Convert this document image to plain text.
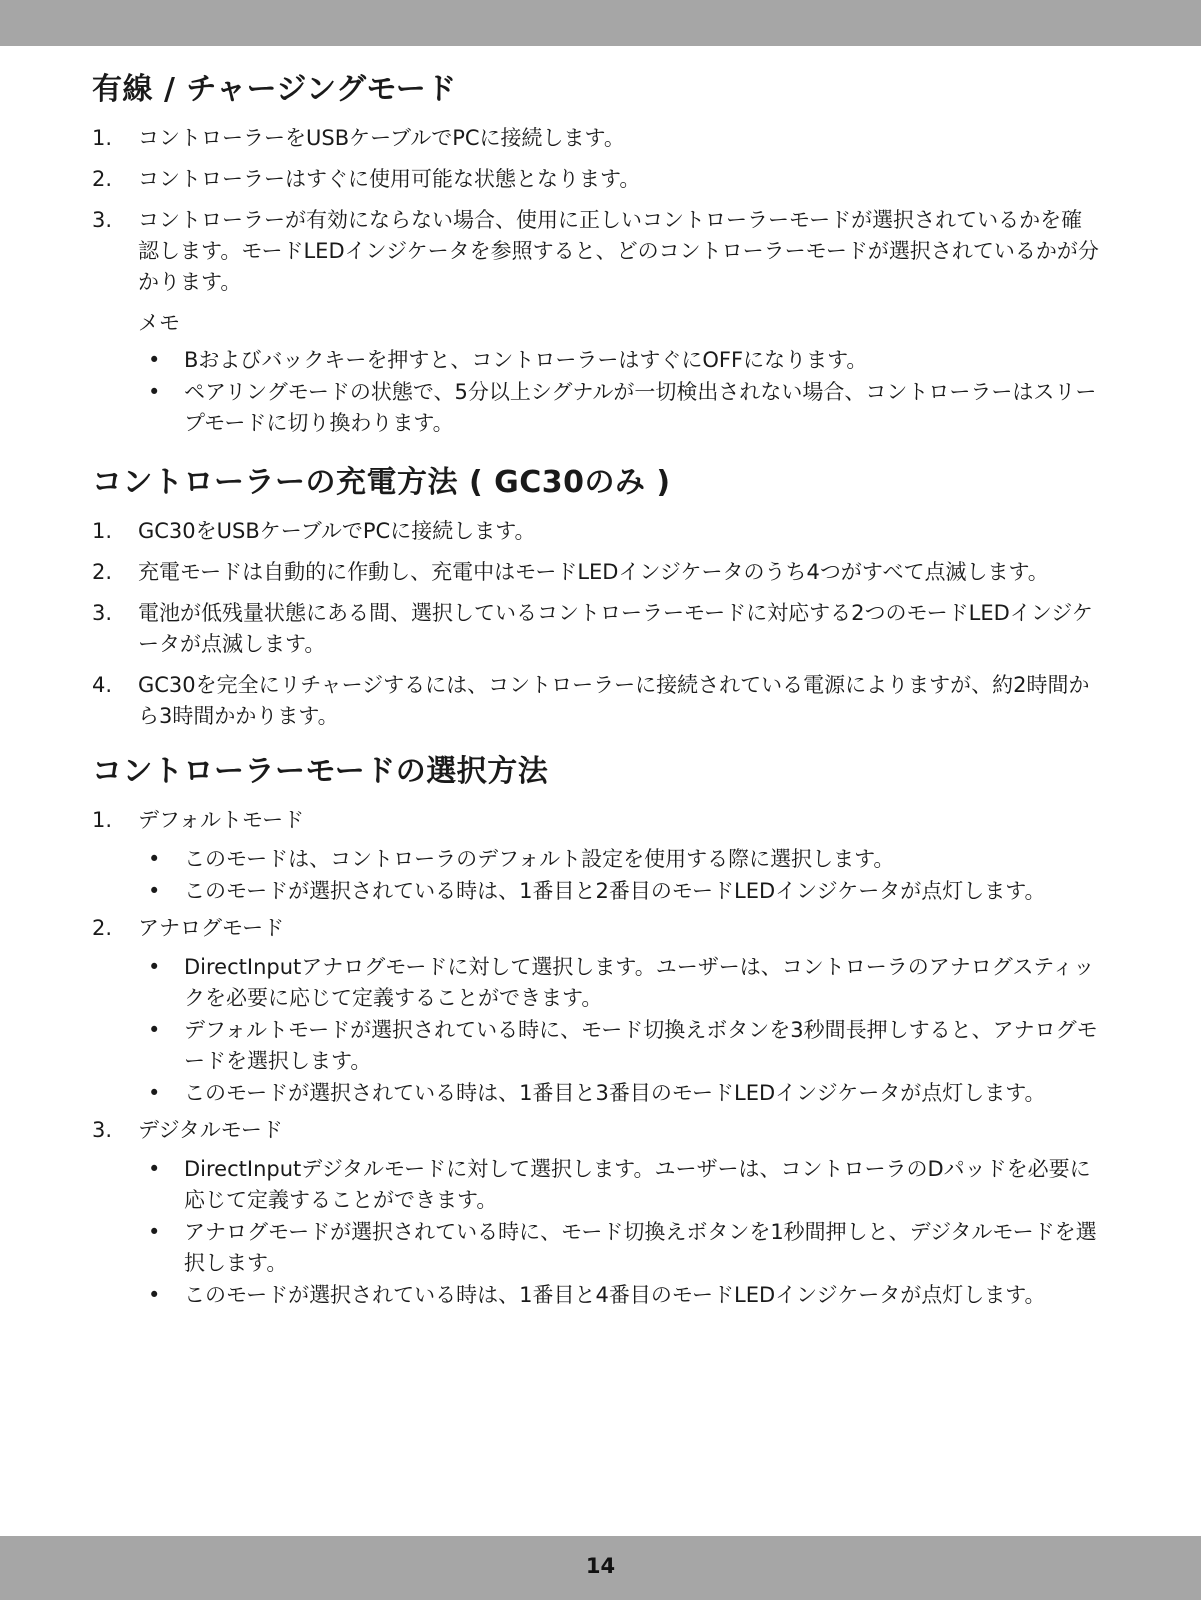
有線 / チャージングモード
1. コントローラーをUSBケーブルでPCに接続します。
2. コントローラーはすぐに使用可能な状態となります。
3. コントローラーが有効にならない場合、使用に正しいコントローラーモードが選択されているかを確認します。モードLEDインジケータを参照すると、どのコントローラーモードが選択されているかが分かります。
メモ
• Bおよびバックキーを押すと、コントローラーはすぐにOFFになります。
• ペアリングモードの状態で、5分以上シグナルが一切検出されない場合、コントローラーはスリープモードに切り換わります。
コントローラーの充電方法 ( GC30のみ )
1. GC30をUSBケーブルでPCに接続します。
2. 充電モードは自動的に作動し、充電中はモードLEDインジケータのうち4つがすべて点滅します。
3. 電池が低残量状態にある間、選択しているコントローラーモードに対応する2つのモードLEDインジケータが点滅します。
4. GC30を完全にリチャージするには、コントローラーに接続されている電源によりますが、約2時間から3時間かかります。
コントローラーモードの選択方法
1. デフォルトモード
• このモードは、コントローラのデフォルト設定を使用する際に選択します。
• このモードが選択されている時は、1番目と2番目のモードLEDインジケータが点灯します。
2. アナログモード
• DirectInputアナログモードに対して選択します。ユーザーは、コントローラのアナログスティックを必要に応じて定義することができます。
• デフォルトモードが選択されている時に、モード切換えボタンを3秒間長押しすると、アナログモードを選択します。
• このモードが選択されている時は、1番目と3番目のモードLEDインジケータが点灯します。
3. デジタルモード
• DirectInputデジタルモードに対して選択します。ユーザーは、コントローラのDパッドを必要に応じて定義することができます。
• アナログモードが選択されている時に、モード切換えボタンを1秒間押しと、デジタルモードを選択します。
• このモードが選択されている時は、1番目と4番目のモードLEDインジケータが点灯します。
14
